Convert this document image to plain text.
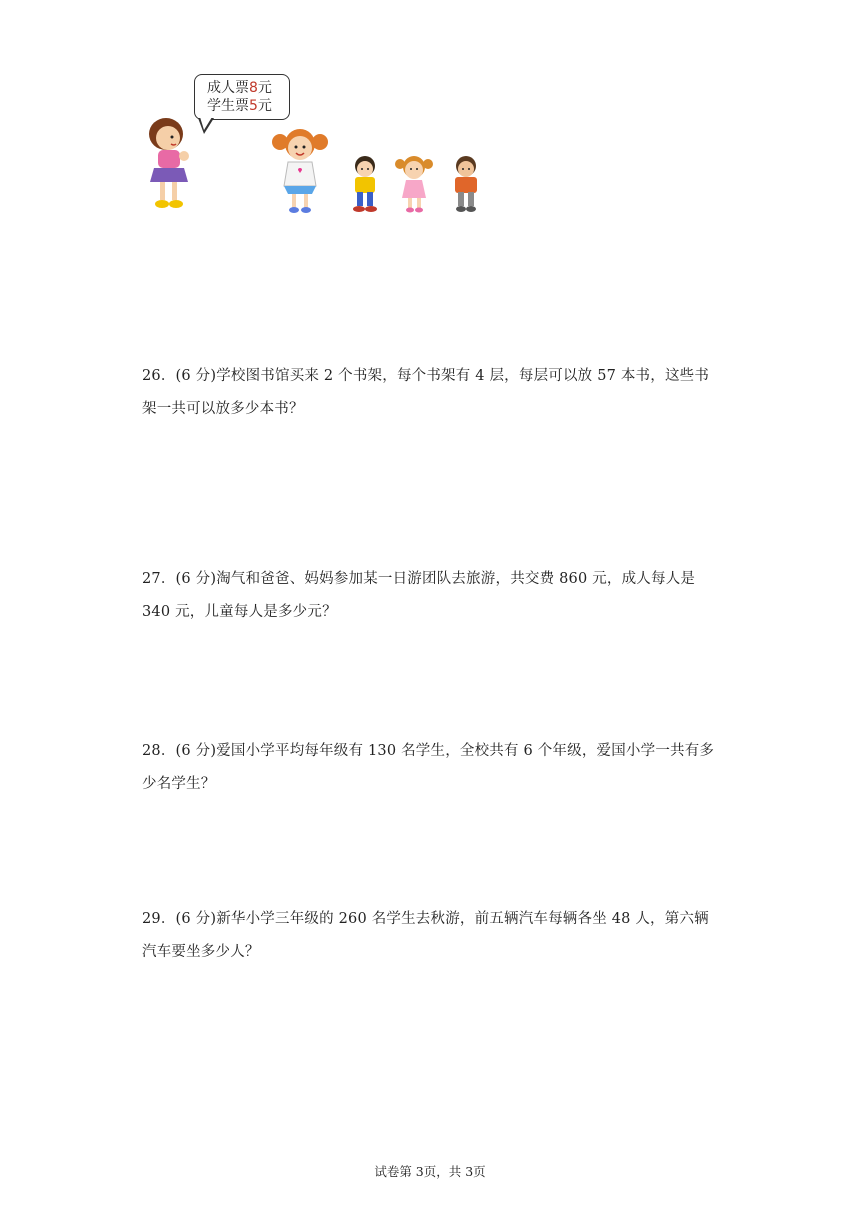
成人票8元
学生票5元
26．(6 分)学校图书馆买来 2 个书架，每个书架有 4 层，每层可以放 57 本书，这些书架一共可以放多少本书？
27．(6 分)淘气和爸爸、妈妈参加某一日游团队去旅游，共交费 860 元，成人每人是 340 元，儿童每人是多少元？
28．(6 分)爱国小学平均每年级有 130 名学生，全校共有 6 个年级，爱国小学一共有多少名学生？
29．(6 分)新华小学三年级的 260 名学生去秋游，前五辆汽车每辆各坐 48 人，第六辆汽车要坐多少人？
试卷第 3页，共 3页
